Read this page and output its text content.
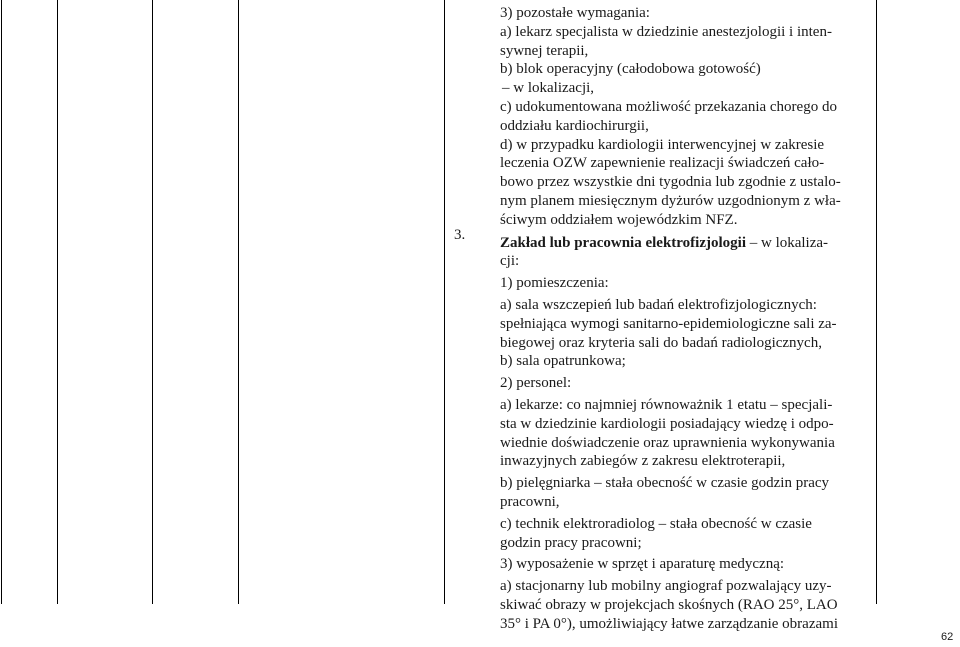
3.
3) pozostałe wymagania:
a) lekarz specjalista w dziedzinie anestezjologii i inten-
sywnej terapii,
b) blok operacyjny (całodobowa gotowość)
– w lokalizacji,
c) udokumentowana możliwość przekazania chorego do
oddziału kardiochirurgii,
d) w przypadku kardiologii interwencyjnej w zakresie
leczenia OZW zapewnienie realizacji świadczeń cało-
bowo przez wszystkie dni tygodnia lub zgodnie z ustalo-
nym planem miesięcznym dyżurów uzgodnionym z wła-
ściwym oddziałem wojewódzkim NFZ.
Zakład lub pracownia elektrofizjologii – w lokaliza-
cji:
1) pomieszczenia:
a) sala wszczepień lub badań elektrofizjologicznych:
spełniająca wymogi sanitarno-epidemiologiczne sali za-
biegowej oraz kryteria sali do badań radiologicznych,
b) sala opatrunkowa;
2) personel:
a) lekarze: co najmniej równoważnik 1 etatu – specjali-
sta w dziedzinie kardiologii posiadający wiedzę i odpo-
wiednie doświadczenie oraz uprawnienia wykonywania
inwazyjnych zabiegów z zakresu elektroterapii,
b) pielęgniarka – stała obecność w czasie godzin pracy
pracowni,
c) technik elektroradiolog – stała obecność w czasie
godzin pracy pracowni;
3) wyposażenie w sprzęt i aparaturę medyczną:
a) stacjonarny lub mobilny angiograf pozwalający uzy-
skiwać obrazy w projekcjach skośnych (RAO 25°, LAO
35° i PA 0°), umożliwiający łatwe zarządzanie obrazami
62
